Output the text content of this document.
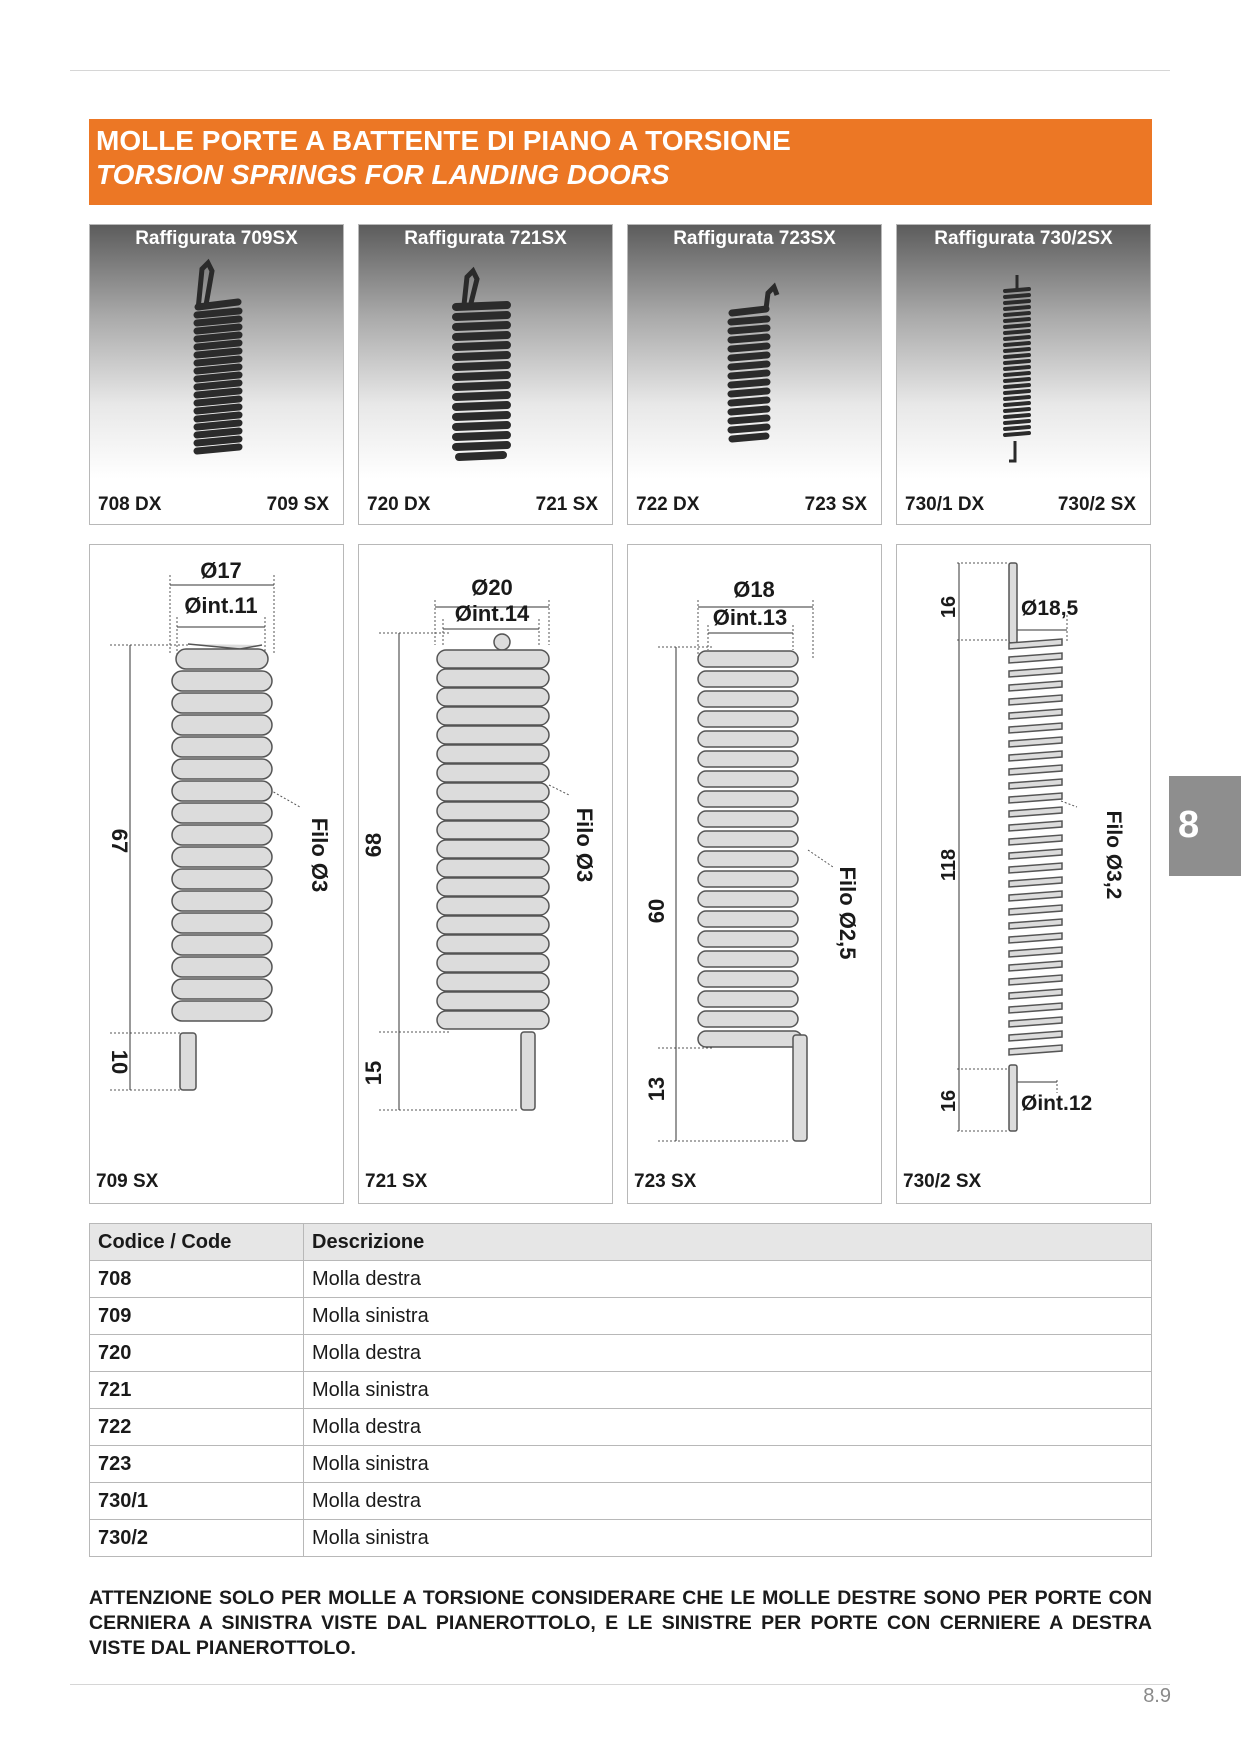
MOLLE PORTE A BATTENTE DI PIANO A TORSIONE
TORSION SPRINGS FOR LANDING DOORS
Raffigurata 709SX
708 DX	709 SX
Raffigurata 721SX
720 DX	721 SX
Raffigurata 723SX
722 DX	723 SX
Raffigurata 730/2SX
730/1 DX	730/2 SX
Ø17
Øint.11
67
10
Filo Ø3
709 SX
Ø20
Øint.14
68
15
Filo Ø3
721 SX
Ø18
Øint.13
60
13
Filo Ø2,5
723 SX
Ø18,5
Øint.12
16
118
16
Filo Ø3,2
730/2 SX
Codice / Code	Descrizione
708	Molla destra
709	Molla sinistra
720	Molla destra
721	Molla sinistra
722	Molla destra
723	Molla sinistra
730/1	Molla destra
730/2	Molla sinistra
ATTENZIONE SOLO PER MOLLE A TORSIONE CONSIDERARE CHE LE MOLLE DESTRE SONO PER PORTE CON CERNIERA A SINISTRA VISTE DAL PIANEROTTOLO, E LE SINISTRE PER PORTE CON CERNIERE A DESTRA VISTE DAL PIANEROTTOLO.
8
8.9
